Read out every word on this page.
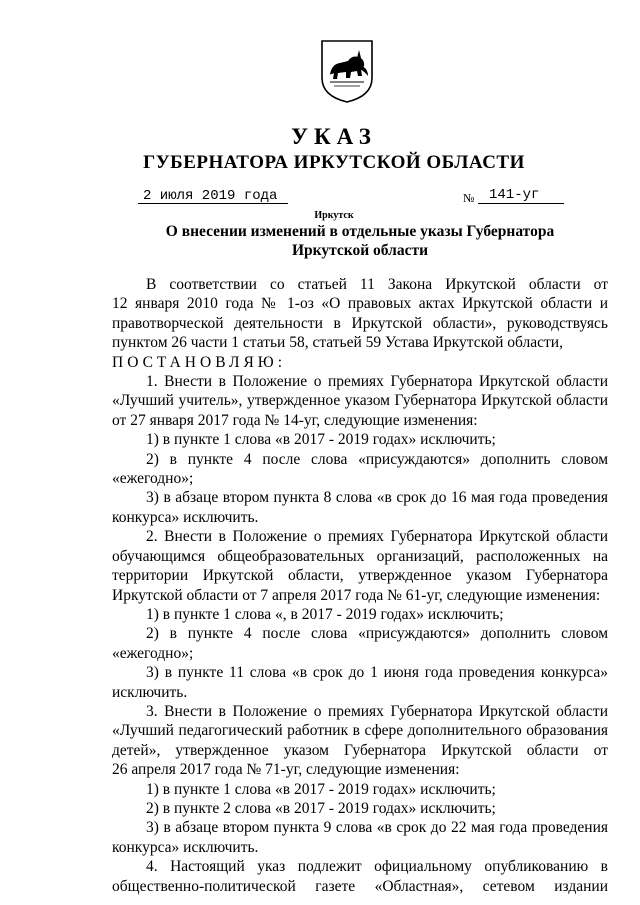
УКАЗ
ГУБЕРНАТОРА ИРКУТСКОЙ ОБЛАСТИ
2 июля 2019 года	№ 141-уг
Иркутск
О внесении изменений в отдельные указы Губернатора
Иркутской области

В соответствии со статьей 11 Закона Иркутской области от

12 января 2010 года № 1-оз «О правовых актах Иркутской области и

правотворческой деятельности в Иркутской области», руководствуясь

пунктом 26 части 1 статьи 58, статьей 59 Устава Иркутской области,

ПОСТАНОВЛЯЮ:

1. Внести в Положение о премиях Губернатора Иркутской области

«Лучший учитель», утвержденное указом Губернатора Иркутской области

от 27 января 2017 года № 14-уг, следующие изменения:

1) в пункте 1 слова «в 2017 - 2019 годах» исключить;

2) в пункте 4 после слова «присуждаются» дополнить словом

«ежегодно»;

3) в абзаце втором пункта 8 слова «в срок до 16 мая года проведения

конкурса» исключить.

2. Внести в Положение о премиях Губернатора Иркутской области

обучающимся общеобразовательных организаций, расположенных на

территории Иркутской области, утвержденное указом Губернатора

Иркутской области от 7 апреля 2017 года № 61-уг, следующие изменения:

1) в пункте 1 слова «, в 2017 - 2019 годах» исключить;

2) в пункте 4 после слова «присуждаются» дополнить словом

«ежегодно»;

3) в пункте 11 слова «в срок до 1 июня года проведения конкурса»

исключить.

3. Внести в Положение о премиях Губернатора Иркутской области

«Лучший педагогический работник в сфере дополнительного образования

детей», утвержденное указом Губернатора Иркутской области от

26 апреля 2017 года № 71-уг, следующие изменения:

1) в пункте 1 слова «в 2017 - 2019 годах» исключить;

2) в пункте 2 слова «в 2017 - 2019 годах» исключить;

3) в абзаце втором пункта 9 слова «в срок до 22 мая года проведения

конкурса» исключить.

4. Настоящий указ подлежит официальному опубликованию в

общественно-политической газете «Областная», сетевом издании
